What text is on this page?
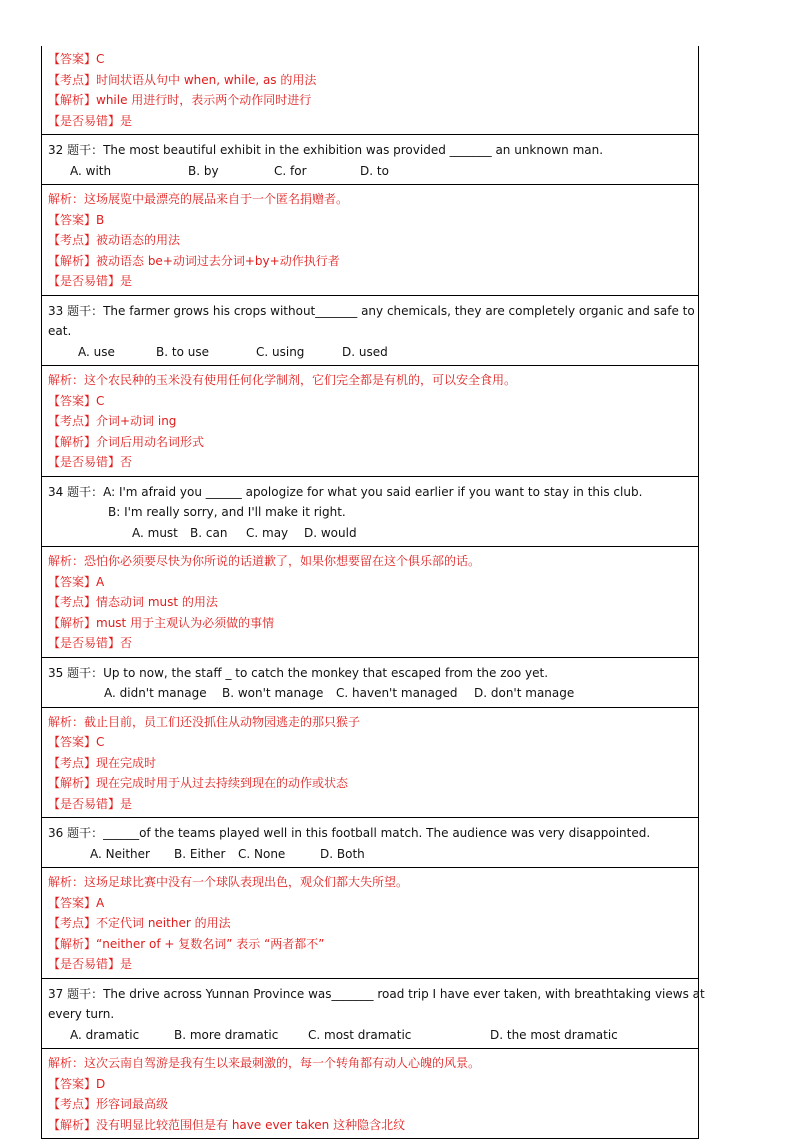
【答案】C
【考点】时间状语从句中 when, while, as 的用法
【解析】while 用进行时，表示两个动作同时进行
【是否易错】是
32 题干：The most beautiful exhibit in the exhibition was provided _______ an unknown man.
A. with	B. by	C. for	D. to
解析：这场展览中最漂亮的展品来自于一个匿名捐赠者。
【答案】B
【考点】被动语态的用法
【解析】被动语态 be+动词过去分词+by+动作执行者
【是否易错】是
33 题干：The farmer grows his crops without_______ any chemicals, they are completely organic and safe to
eat.
A. use	B. to use	C. using	D. used
解析：这个农民种的玉米没有使用任何化学制剂，它们完全都是有机的，可以安全食用。
【答案】C
【考点】介词+动词 ing
【解析】介词后用动名词形式
【是否易错】否
34 题干：A: I'm afraid you ______ apologize for what you said earlier if you want to stay in this club.
B: I'm really sorry, and I'll make it right.
A. must	B. can	C. may	D. would
解析：恐怕你必须要尽快为你所说的话道歉了，如果你想要留在这个俱乐部的话。
【答案】A
【考点】情态动词 must 的用法
【解析】must 用于主观认为必须做的事情
【是否易错】否
35 题干：Up to now, the staff _ to catch the monkey that escaped from the zoo yet.
A. didn't manage	B. won't manage	C. haven't managed	D. don't manage
解析：截止目前，员工们还没抓住从动物园逃走的那只猴子
【答案】C
【考点】现在完成时
【解析】现在完成时用于从过去持续到现在的动作或状态
【是否易错】是
36 题干：______of the teams played well in this football match. The audience was very disappointed.
A. Neither	B. Either	C. None	D. Both
解析：这场足球比赛中没有一个球队表现出色，观众们都大失所望。
【答案】A
【考点】不定代词 neither 的用法
【解析】“neither of + 复数名词” 表示 “两者都不”
【是否易错】是
37 题干：The drive across Yunnan Province was_______ road trip I have ever taken, with breathtaking views at
every turn.
A. dramatic	B. more dramatic	C. most dramatic	D. the most dramatic
解析：这次云南自驾游是我有生以来最刺激的，每一个转角都有动人心魄的风景。
【答案】D
【考点】形容词最高级
【解析】没有明显比较范围但是有 have ever taken 这种隐含北纹
